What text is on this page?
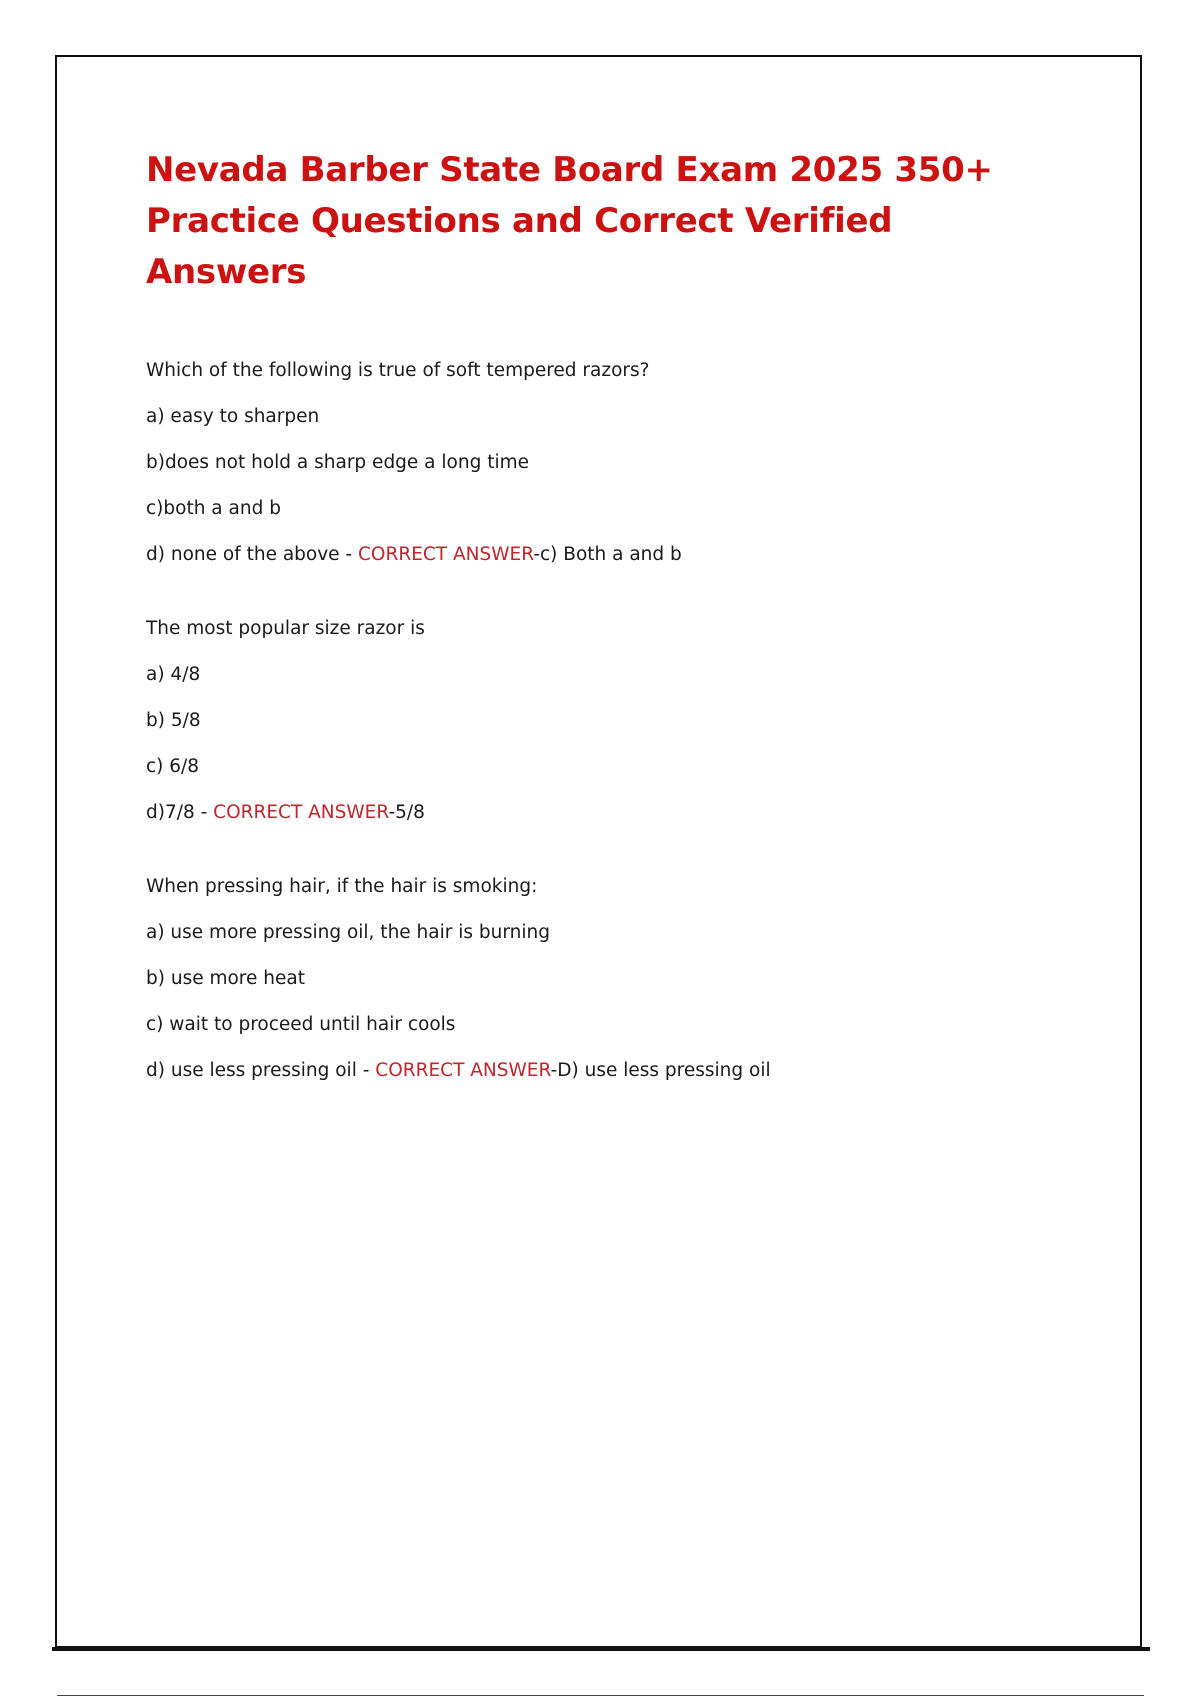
Nevada Barber State Board Exam 2025 350+
Practice Questions and Correct Verified Answers
Which of the following is true of soft tempered razors?
a) easy to sharpen
b)does not hold a sharp edge a long time
c)both a and b
d) none of the above - CORRECT ANSWER-c) Both a and b
The most popular size razor is
a) 4/8
b) 5/8
c) 6/8
d)7/8 - CORRECT ANSWER-5/8
When pressing hair, if the hair is smoking:
a) use more pressing oil, the hair is burning
b) use more heat
c) wait to proceed until hair cools
d) use less pressing oil - CORRECT ANSWER-D) use less pressing oil
